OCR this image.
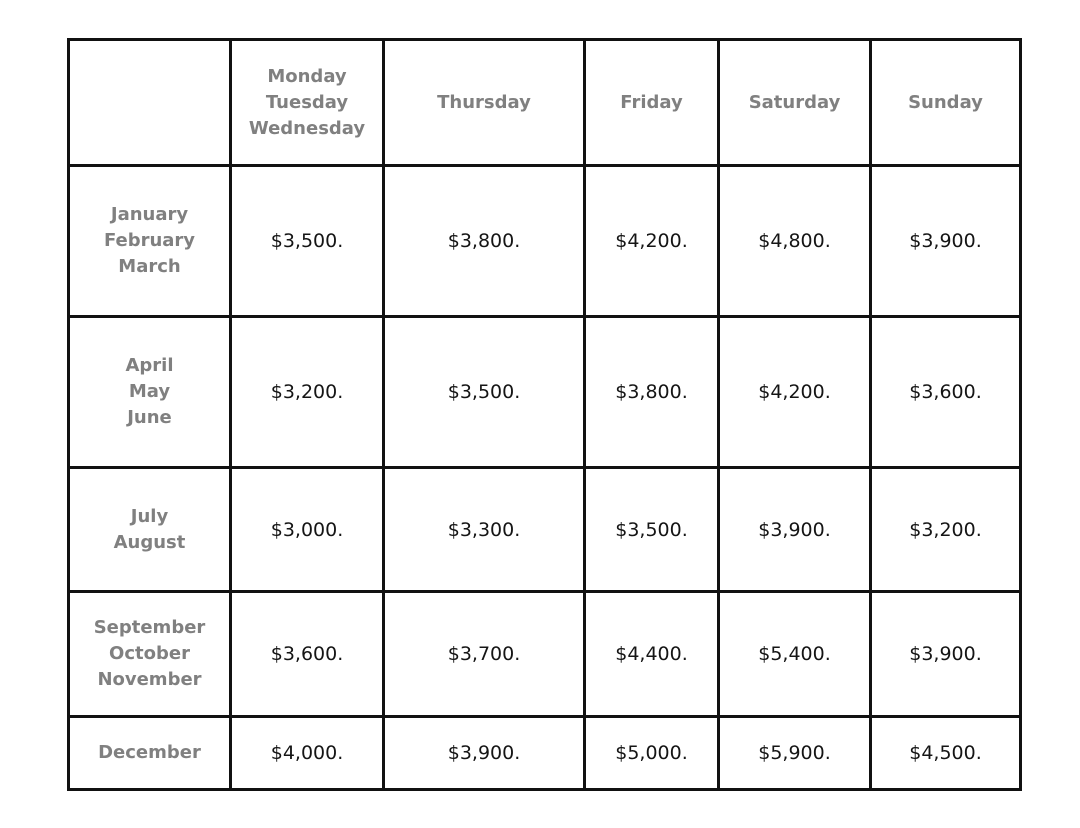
	Monday
Tuesday
Wednesday	Thursday	Friday	Saturday	Sunday
January
February
March	$3,500.	$3,800.	$4,200.	$4,800.	$3,900.
April
May
June	$3,200.	$3,500.	$3,800.	$4,200.	$3,600.
July
August	$3,000.	$3,300.	$3,500.	$3,900.	$3,200.
September
October
November	$3,600.	$3,700.	$4,400.	$5,400.	$3,900.
December	$4,000.	$3,900.	$5,000.	$5,900.	$4,500.
